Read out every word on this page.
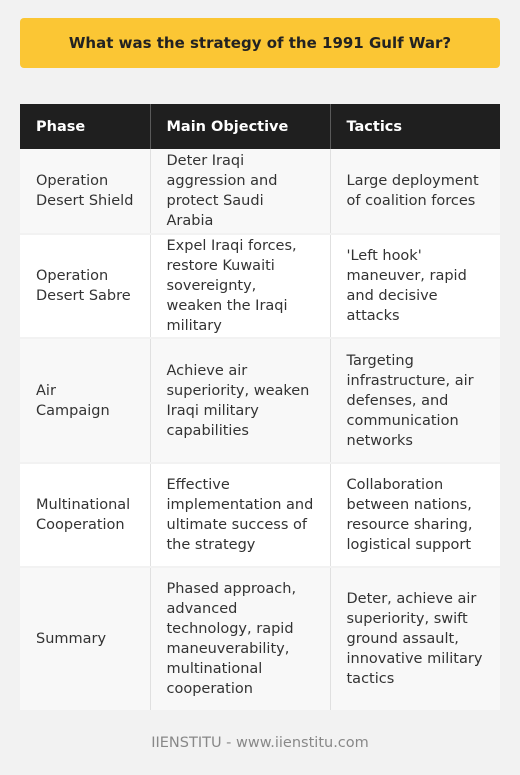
What was the strategy of the 1991 Gulf War?
Phase	Main Objective	Tactics
Operation Desert Shield	Deter Iraqi aggression and protect Saudi Arabia	Large deployment of coalition forces
Operation Desert Sabre	Expel Iraqi forces, restore Kuwaiti sovereignty, weaken the Iraqi military	'Left hook' maneuver, rapid and decisive attacks
Air Campaign	Achieve air superiority, weaken Iraqi military capabilities	Targeting infrastructure, air defenses, and communication networks
Multinational Cooperation	Effective implementation and ultimate success of the strategy	Collaboration between nations, resource sharing, logistical support
Summary	Phased approach, advanced technology, rapid maneuverability, multinational cooperation	Deter, achieve air superiority, swift ground assault, innovative military tactics
IIENSTITU - www.iienstitu.com
